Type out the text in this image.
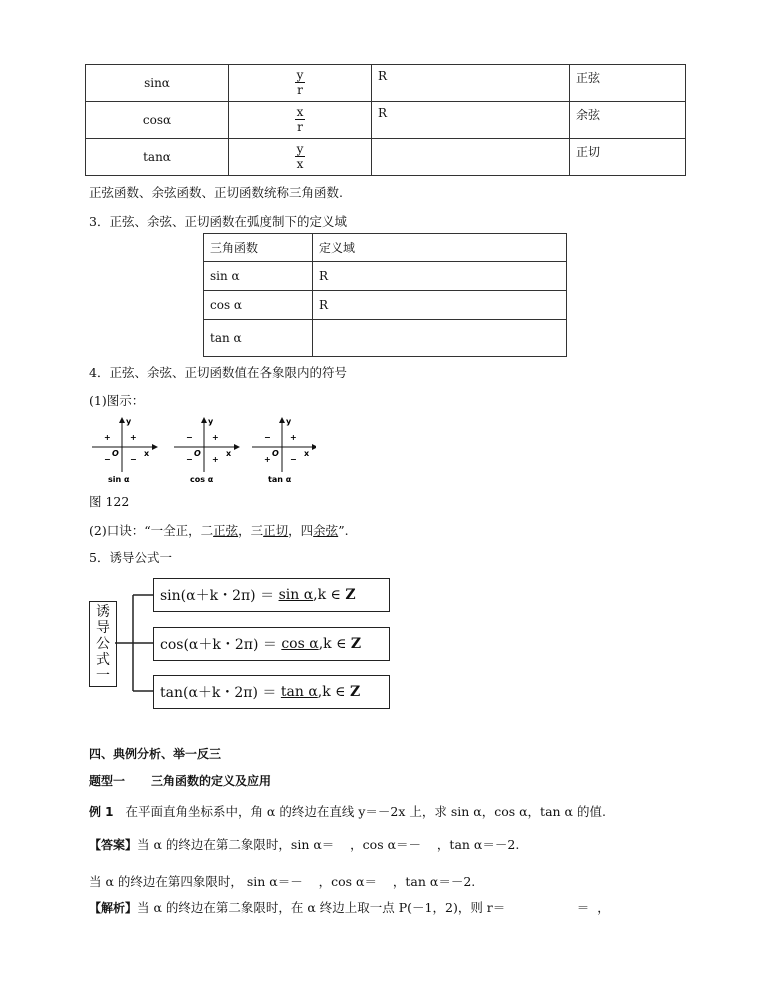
sinα	$\frac{y}{r}$	R	正弦
cosα	$\frac{x}{r}$	R	余弦
tanα	$\frac{y}{x}$		正切
正弦函数、余弦函数、正切函数统称三角函数.
3．正弦、余弦、正切函数在弧度制下的定义域
三角函数	定义域
sin α	R
cos α	R
tan α	
4．正弦、余弦、正切函数值在各象限内的符号
(1)图示：
y
x
O
+ +
− −
sin α
y
x
O
− +
− +
cos α
y
x
O
− +
+ −
tan α
图 122
(2)口诀：“一全正，二正弦，三正切，四余弦”.
5．诱导公式一
诱
导
公
式
一
sin(α＋k・2π) ＝
sin α ,k ∈
Z
cos(α＋k・2π) ＝
cos α ,k ∈
Z
tan(α＋k・2π) ＝
tan α ,k ∈
Z
四、典例分析、举一反三
题型一 三角函数的定义及应用
例 1 在平面直角坐标系中，角 α 的终边在直线 y＝－2x 上，求 sin α，cos α，tan α 的值.
【答案】当 α 的终边在第二象限时，sin α＝    ，cos α＝－    ，tan α＝－2.
当 α 的终边在第四象限时， sin α＝－    ，cos α＝    ，tan α＝－2.
【解析】当 α 的终边在第二象限时，在 α 终边上取一点 P(－1，2)，则 r＝                  ＝  ，
